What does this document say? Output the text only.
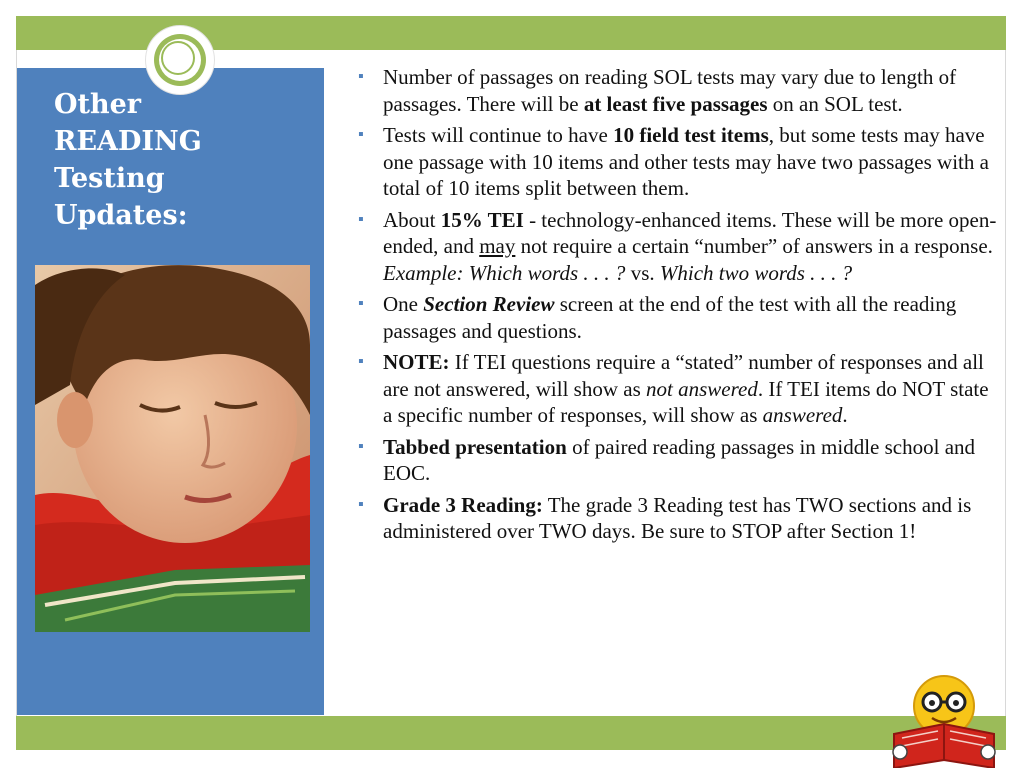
Other
READING
Testing
Updates:
▪ Number of passages on reading SOL tests may vary due to length of passages. There will be at least five passages on an SOL test.
▪ Tests will continue to have 10 field test items, but some tests may have one passage with 10 items and other tests may have two passages with a total of 10 items split between them.
▪ About 15% TEI - technology-enhanced items. These will be more open-ended, and may not require a certain “number” of answers in a response. Example: Which words . . . ? vs. Which two words . . . ?
▪ One Section Review screen at the end of the test with all the reading passages and questions.
▪ NOTE: If TEI questions require a “stated” number of responses and all are not answered, will show as not answered. If TEI items do NOT state a specific number of responses, will show as answered.
▪ Tabbed presentation of paired reading passages in middle school and EOC.
▪ Grade 3 Reading: The grade 3 Reading test has TWO sections and is administered over TWO days. Be sure to STOP after Section 1!
